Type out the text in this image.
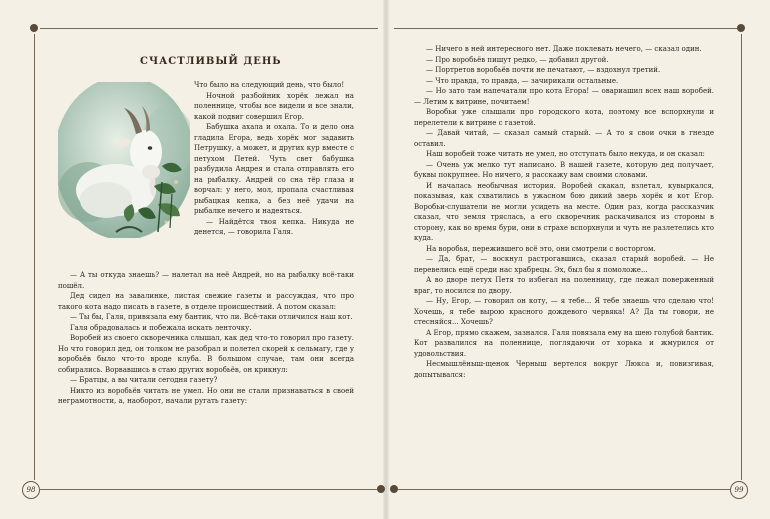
98	99
СЧАСТЛИВЫЙ ДЕНЬ

Что было на следующий день, что было!

Ночной разбойник хорёк лежал на поленнице, чтобы все видели и все знали, какой подвиг совершил Егор.

Бабушка ахала и охала. То и дело она гладила Егора, ведь хорёк мог задавить Петрушку, а может, и других кур вместе с петухом Петей. Чуть свет бабушка разбудила Андрея и стала отправлять его на рыбалку. Андрей со сна тёр глаза и ворчал: у него, мол, пропала счастливая рыбацкая кепка, а без неё удачи на рыбалке нечего и надеяться.

— Найдётся твоя кепка. Никуда не денется, — говорила Галя.

— А ты откуда знаешь? — налетал на неё Андрей, но на рыбалку всё-таки пошёл.

Дед сидел на завалинке, листая свежие газеты и рассуждая, что про такого кота надо писать в газете, в отделе происшествий. А потом сказал:

— Ты бы, Галя, привязала ему бантик, что ли. Всё-таки отличился наш кот.

Галя обрадовалась и побежала искать ленточку.

Воробей из своего скворечника слышал, как дед что-то говорил про газету. Но что говорил дед, он толком не разобрал и полетел скорей к сельмагу, где у воробьёв было что-то вроде клуба. В большом случае, там они всегда собирались. Ворвавшись в стаю других воробьёв, он крикнул:

— Братцы, а вы читали сегодня газету?

Никто из воробьёв читать не умел. Но они не стали признаваться в своей неграмотности, а, наоборот, начали ругать газету:

— Ничего в ней интересного нет. Даже поклевать нечего, — сказал один.

— Про воробьёв пишут редко, — добавил другой.

— Портретов воробьёв почти не печатают, — вздохнул третий.

— Что правда, то правда, — зачирикали остальные.

— Но зато там напечатали про кота Егора! — овариашил всех наш воробей. — Летим к витрине, почитаем!

Воробьи уже слышали про городского кота, поэтому все вспорхнули и перелетели к витрине с газетой.

— Давай читай, — сказал самый старый. — А то я свои очки в гнезде оставил.

Наш воробей тоже читать не умел, но отступать было некуда, и он сказал:

— Очень уж мелко тут написано. В нашей газете, которую дед получает, буквы покрупнее. Но ничего, я расскажу вам своими словами.

И началась необычная история. Воробей скакал, взлетал, кувыркался, показывая, как схватились в ужасном бою дикий зверь хорёк и кот Егор. Воробьи-слушатели не могли усидеть на месте. Один раз, когда рассказчик сказал, что земля тряслась, а его скворечник раскачивался из стороны в сторону, как во время бури, они в страхе вспорхнули и чуть не разлетелись кто куда.

На воробья, пережившего всё это, они смотрели с восторгом.

— Да, брат, — воскнул растрогавшись, сказал старый воробей. — Не перевелись ещё среди нас храбрецы. Эх, был бы я помоложе...

А во дворе петух Петя то избегал на поленницу, где лежал поверженный враг, то носился по двору.

— Ну, Егор, — говорил он коту, — я тебе... Я тебе знаешь что сделаю что! Хочешь, я тебе вырою красного дождевого червяка! А? Да ты говори, не стесняйся... Хочешь?

А Егор, прямо скажем, зазнался. Галя повязала ему на шею голубой бантик. Кот развалился на поленнице, поглядаючи от хорька и жмурился от удовольствия.

Несмышлёныш-щенок Черныш вертелся вокруг Люкса и, повизгивая, допытывался:
